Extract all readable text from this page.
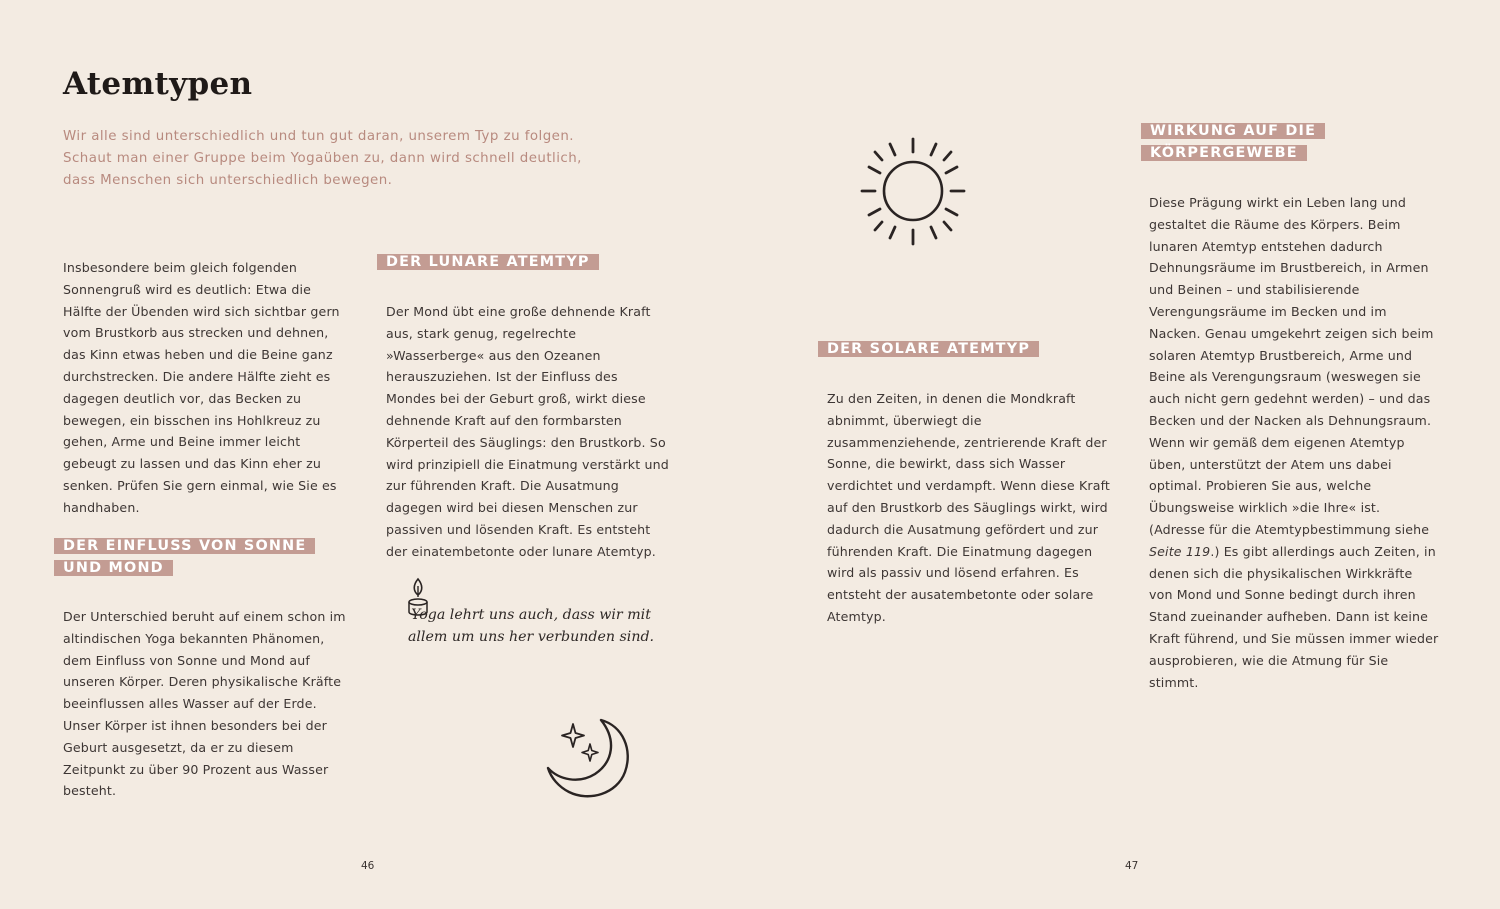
Atemtypen
Wir alle sind unterschiedlich und tun gut daran, unserem Typ zu folgen. Schaut man einer Gruppe beim Yogaüben zu, dann wird schnell deutlich, dass Menschen sich unterschiedlich bewegen.
Insbesondere beim gleich folgenden Sonnengruß wird es deutlich: Etwa die Hälfte der Übenden wird sich sichtbar gern vom Brustkorb aus strecken und dehnen, das Kinn etwas heben und die Beine ganz durchstrecken. Die andere Hälfte zieht es dagegen deutlich vor, das Becken zu bewegen, ein bisschen ins Hohlkreuz zu gehen, Arme und Beine immer leicht gebeugt zu lassen und das Kinn eher zu senken. Prüfen Sie gern einmal, wie Sie es handhaben.
DER EINFLUSS VON SONNE UND MOND
Der Unterschied beruht auf einem schon im altindischen Yoga bekannten Phänomen, dem Einfluss von Sonne und Mond auf unseren Körper. Deren physikalische Kräfte beeinflussen alles Wasser auf der Erde. Unser Körper ist ihnen besonders bei der Geburt ausgesetzt, da er zu diesem Zeitpunkt zu über 90 Prozent aus Wasser besteht.
DER LUNARE ATEMTYP
Der Mond übt eine große dehnende Kraft aus, stark genug, regelrechte »Wasserberge« aus den Ozeanen herauszuziehen. Ist der Einfluss des Mondes bei der Geburt groß, wirkt diese dehnende Kraft auf den formbarsten Körperteil des Säuglings: den Brustkorb. So wird prinzipiell die Einatmung verstärkt und zur führenden Kraft. Die Ausatmung dagegen wird bei diesen Menschen zur passiven und lösenden Kraft. Es entsteht der einatembetonte oder lunare Atemtyp.
Yoga lehrt uns auch, dass wir mit allem um uns her verbunden sind.
DER SOLARE ATEMTYP
Zu den Zeiten, in denen die Mondkraft abnimmt, überwiegt die zusammenziehende, zentrierende Kraft der Sonne, die bewirkt, dass sich Wasser verdichtet und verdampft. Wenn diese Kraft auf den Brustkorb des Säuglings wirkt, wird dadurch die Ausatmung gefördert und zur führenden Kraft. Die Einatmung dagegen wird als passiv und lösend erfahren. Es entsteht der ausatembetonte oder solare Atemtyp.
WIRKUNG AUF DIE KÖRPERGEWEBE
Diese Prägung wirkt ein Leben lang und gestaltet die Räume des Körpers. Beim lunaren Atemtyp entstehen dadurch Dehnungsräume im Brustbereich, in Armen und Beinen – und stabilisierende Verengungsräume im Becken und im Nacken. Genau umgekehrt zeigen sich beim solaren Atemtyp Brustbereich, Arme und Beine als Verengungsraum (weswegen sie auch nicht gern gedehnt werden) – und das Becken und der Nacken als Dehnungsraum. Wenn wir gemäß dem eigenen Atemtyp üben, unterstützt der Atem uns dabei optimal. Probieren Sie aus, welche Übungsweise wirklich »die Ihre« ist. (Adresse für die Atemtypbestimmung siehe Seite 119.) Es gibt allerdings auch Zeiten, in denen sich die physikalischen Wirkkräfte von Mond und Sonne bedingt durch ihren Stand zueinander aufheben. Dann ist keine Kraft führend, und Sie müssen immer wieder ausprobieren, wie die Atmung für Sie stimmt.
46	47
